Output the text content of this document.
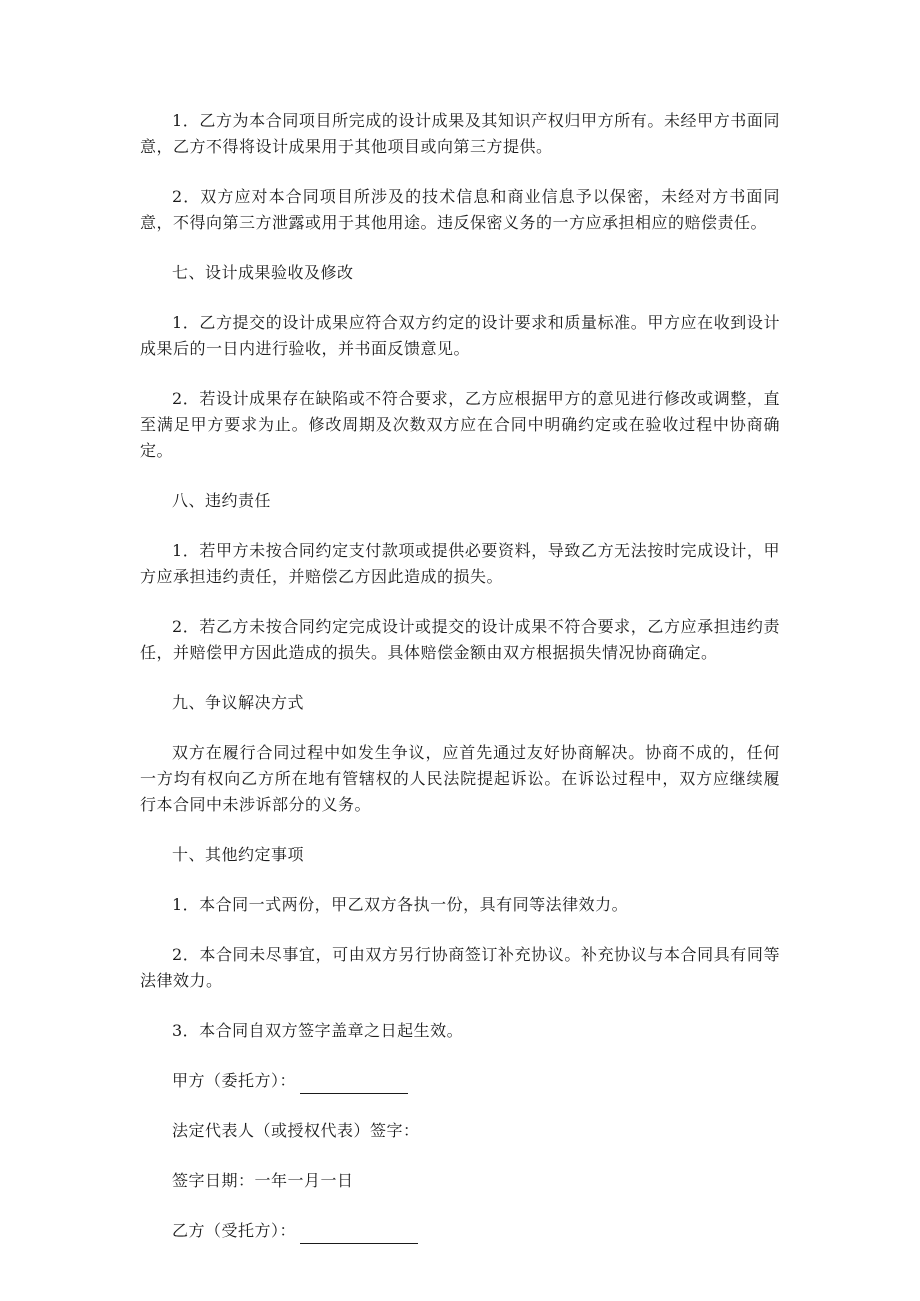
1．乙方为本合同项目所完成的设计成果及其知识产权归甲方所有。未经甲方书面同意，乙方不得将设计成果用于其他项目或向第三方提供。

2．双方应对本合同项目所涉及的技术信息和商业信息予以保密，未经对方书面同意，不得向第三方泄露或用于其他用途。违反保密义务的一方应承担相应的赔偿责任。

七、设计成果验收及修改

1．乙方提交的设计成果应符合双方约定的设计要求和质量标准。甲方应在收到设计成果后的一日内进行验收，并书面反馈意见。

2．若设计成果存在缺陷或不符合要求，乙方应根据甲方的意见进行修改或调整，直至满足甲方要求为止。修改周期及次数双方应在合同中明确约定或在验收过程中协商确定。

八、违约责任

1．若甲方未按合同约定支付款项或提供必要资料，导致乙方无法按时完成设计，甲方应承担违约责任，并赔偿乙方因此造成的损失。

2．若乙方未按合同约定完成设计或提交的设计成果不符合要求，乙方应承担违约责任，并赔偿甲方因此造成的损失。具体赔偿金额由双方根据损失情况协商确定。

九、争议解决方式

双方在履行合同过程中如发生争议，应首先通过友好协商解决。协商不成的，任何一方均有权向乙方所在地有管辖权的人民法院提起诉讼。在诉讼过程中，双方应继续履行本合同中未涉诉部分的义务。

十、其他约定事项

1．本合同一式两份，甲乙双方各执一份，具有同等法律效力。

2．本合同未尽事宜，可由双方另行协商签订补充协议。补充协议与本合同具有同等法律效力。

3．本合同自双方签字盖章之日起生效。

甲方（委托方）：
法定代表人（或授权代表）签字：
签字日期：一年一月一日
乙方（受托方）：
